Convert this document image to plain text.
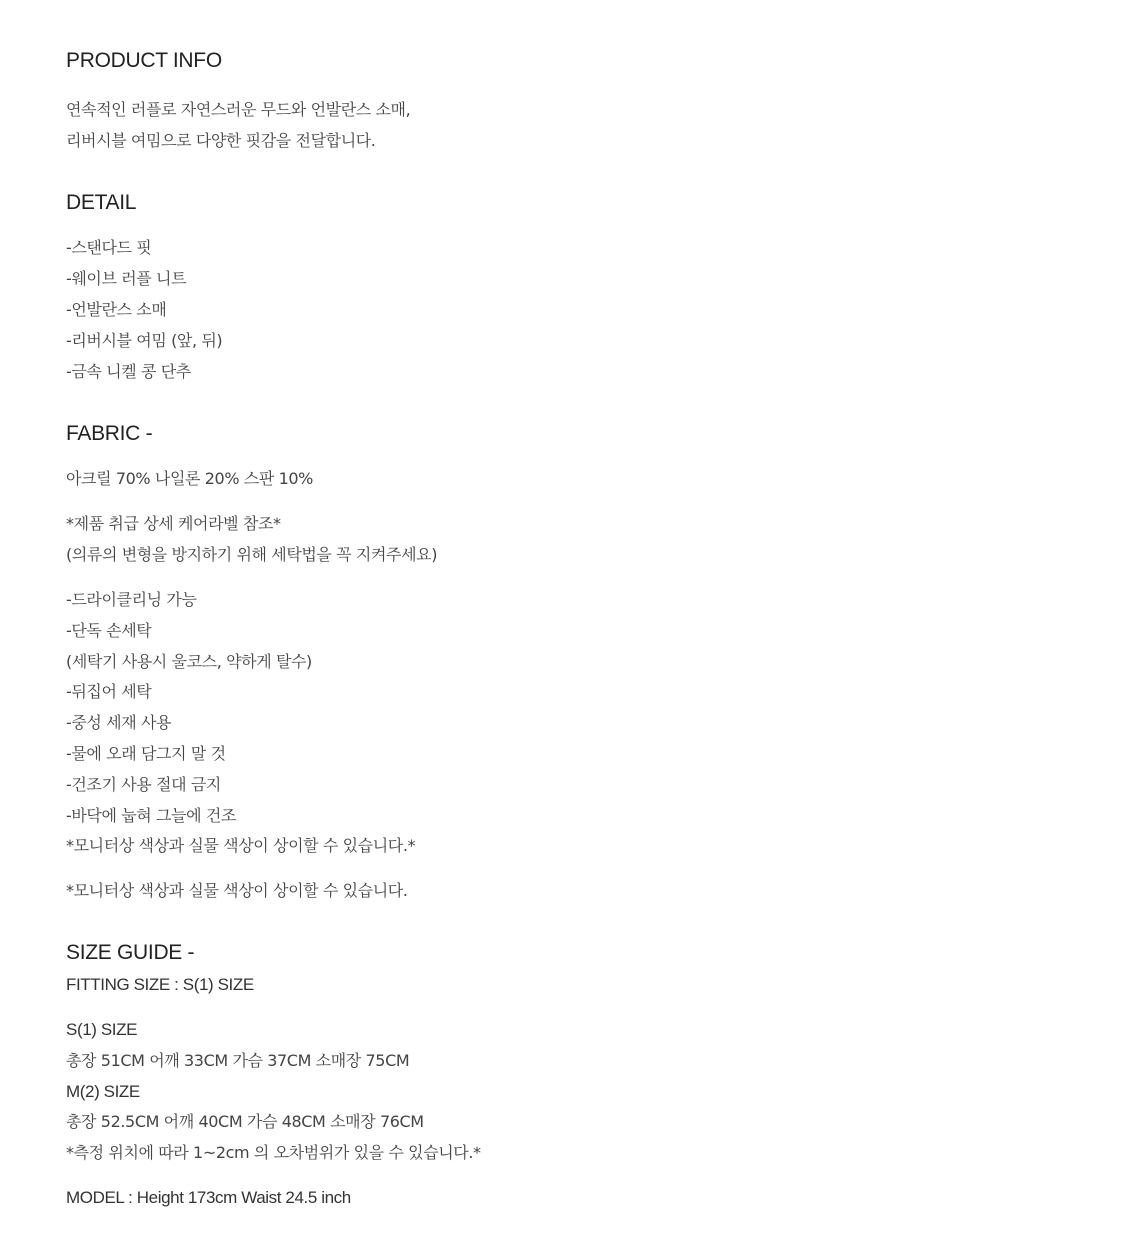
PRODUCT INFO
연속적인 러플로 자연스러운 무드와 언발란스 소매,
리버시블 여밈으로 다양한 핏감을 전달합니다.
DETAIL
-스탠다드 핏
-웨이브 러플 니트
-언발란스 소매
-리버시블 여밈 (앞, 뒤)
-금속 니켈 콩 단추
FABRIC -
아크릴 70% 나일론 20% 스판 10%
*제품 취급 상세 케어라벨 참조*
(의류의 변형을 방지하기 위해 세탁법을 꼭 지켜주세요)
-드라이클리닝 가능
-단독 손세탁
(세탁기 사용시 울코스, 약하게 탈수)
-뒤집어 세탁
-중성 세재 사용
-물에 오래 담그지 말 것
-건조기 사용 절대 금지
-바닥에 눕혀 그늘에 건조
*모니터상 색상과 실물 색상이 상이할 수 있습니다.*
*모니터상 색상과 실물 색상이 상이할 수 있습니다.
SIZE GUIDE -
FITTING SIZE : S(1) SIZE
S(1) SIZE
총장 51CM 어깨 33CM 가슴 37CM 소매장 75CM
M(2) SIZE
총장 52.5CM 어깨 40CM 가슴 48CM 소매장 76CM
*측정 위치에 따라 1~2cm 의 오차범위가 있을 수 있습니다.*
MODEL : Height 173cm Waist 24.5 inch
